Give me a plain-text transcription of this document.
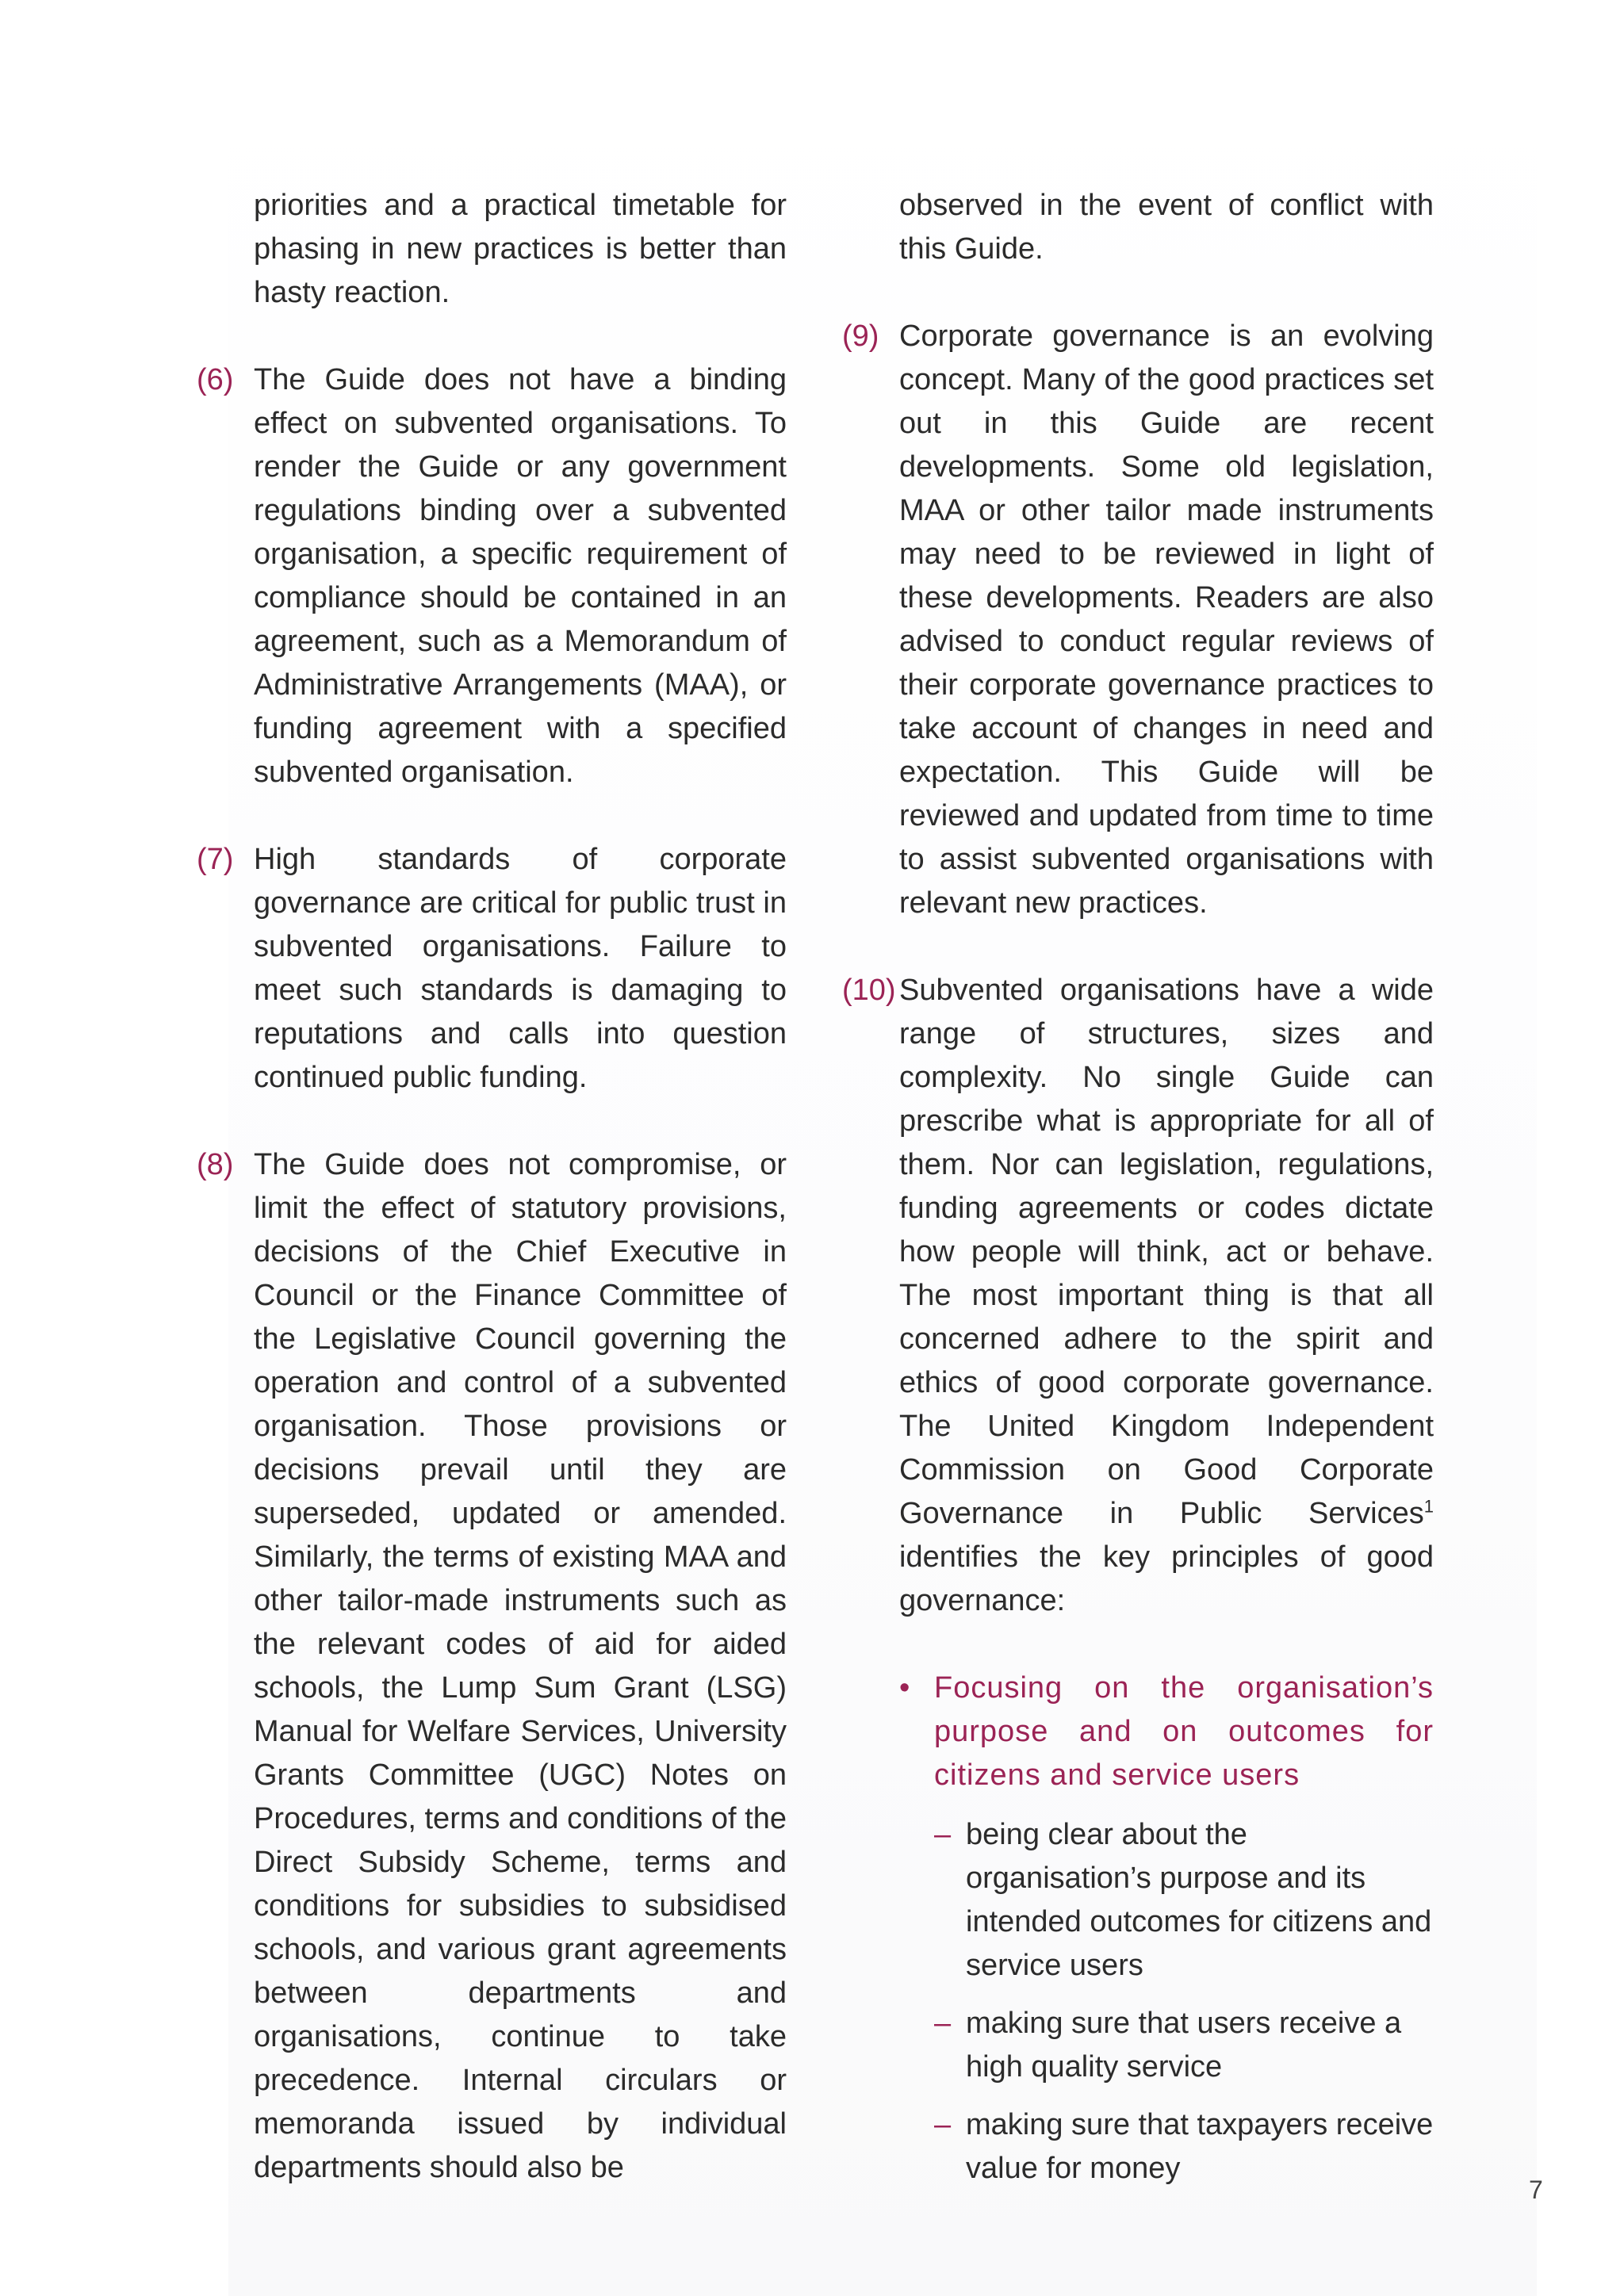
priorities and a practical timetable for phasing in new practices is better than hasty reaction.

(6) The Guide does not have a binding effect on subvented organisations. To render the Guide or any government regulations binding over a subvented organisation, a specific requirement of compliance should be contained in an agreement, such as a Memorandum of Administrative Arrangements (MAA), or funding agreement with a specified subvented organisation.

(7) High standards of corporate governance are critical for public trust in subvented organisations. Failure to meet such standards is damaging to reputations and calls into question continued public funding.

(8) The Guide does not compromise, or limit the effect of statutory provisions, decisions of the Chief Executive in Council or the Finance Committee of the Legislative Council governing the operation and control of a subvented organisation. Those provisions or decisions prevail until they are superseded, updated or amended. Similarly, the terms of existing MAA and other tailor-made instruments such as the relevant codes of aid for aided schools, the Lump Sum Grant (LSG) Manual for Welfare Services, University Grants Committee (UGC) Notes on Procedures, terms and conditions of the Direct Subsidy Scheme, terms and conditions for subsidies to subsidised schools, and various grant agreements between departments and organisations, continue to take precedence. Internal circulars or memoranda issued by individual departments should also be

observed in the event of conflict with this Guide.

(9) Corporate governance is an evolving concept. Many of the good practices set out in this Guide are recent developments. Some old legislation, MAA or other tailor made instruments may need to be reviewed in light of these developments. Readers are also advised to conduct regular reviews of their corporate governance practices to take account of changes in need and expectation. This Guide will be reviewed and updated from time to time to assist subvented organisations with relevant new practices.

(10) Subvented organisations have a wide range of structures, sizes and complexity. No single Guide can prescribe what is appropriate for all of them. Nor can legislation, regulations, funding agreements or codes dictate how people will think, act or behave. The most important thing is that all concerned adhere to the spirit and ethics of good corporate governance. The United Kingdom Independent Commission on Good Corporate Governance in Public Services$^1$ identifies the key principles of good governance:

• Focusing on the organisation’s purpose and on outcomes for citizens and service users
– being clear about the organisation’s purpose and its intended outcomes for citizens and service users
– making sure that users receive a high quality service
– making sure that taxpayers receive value for money
7
